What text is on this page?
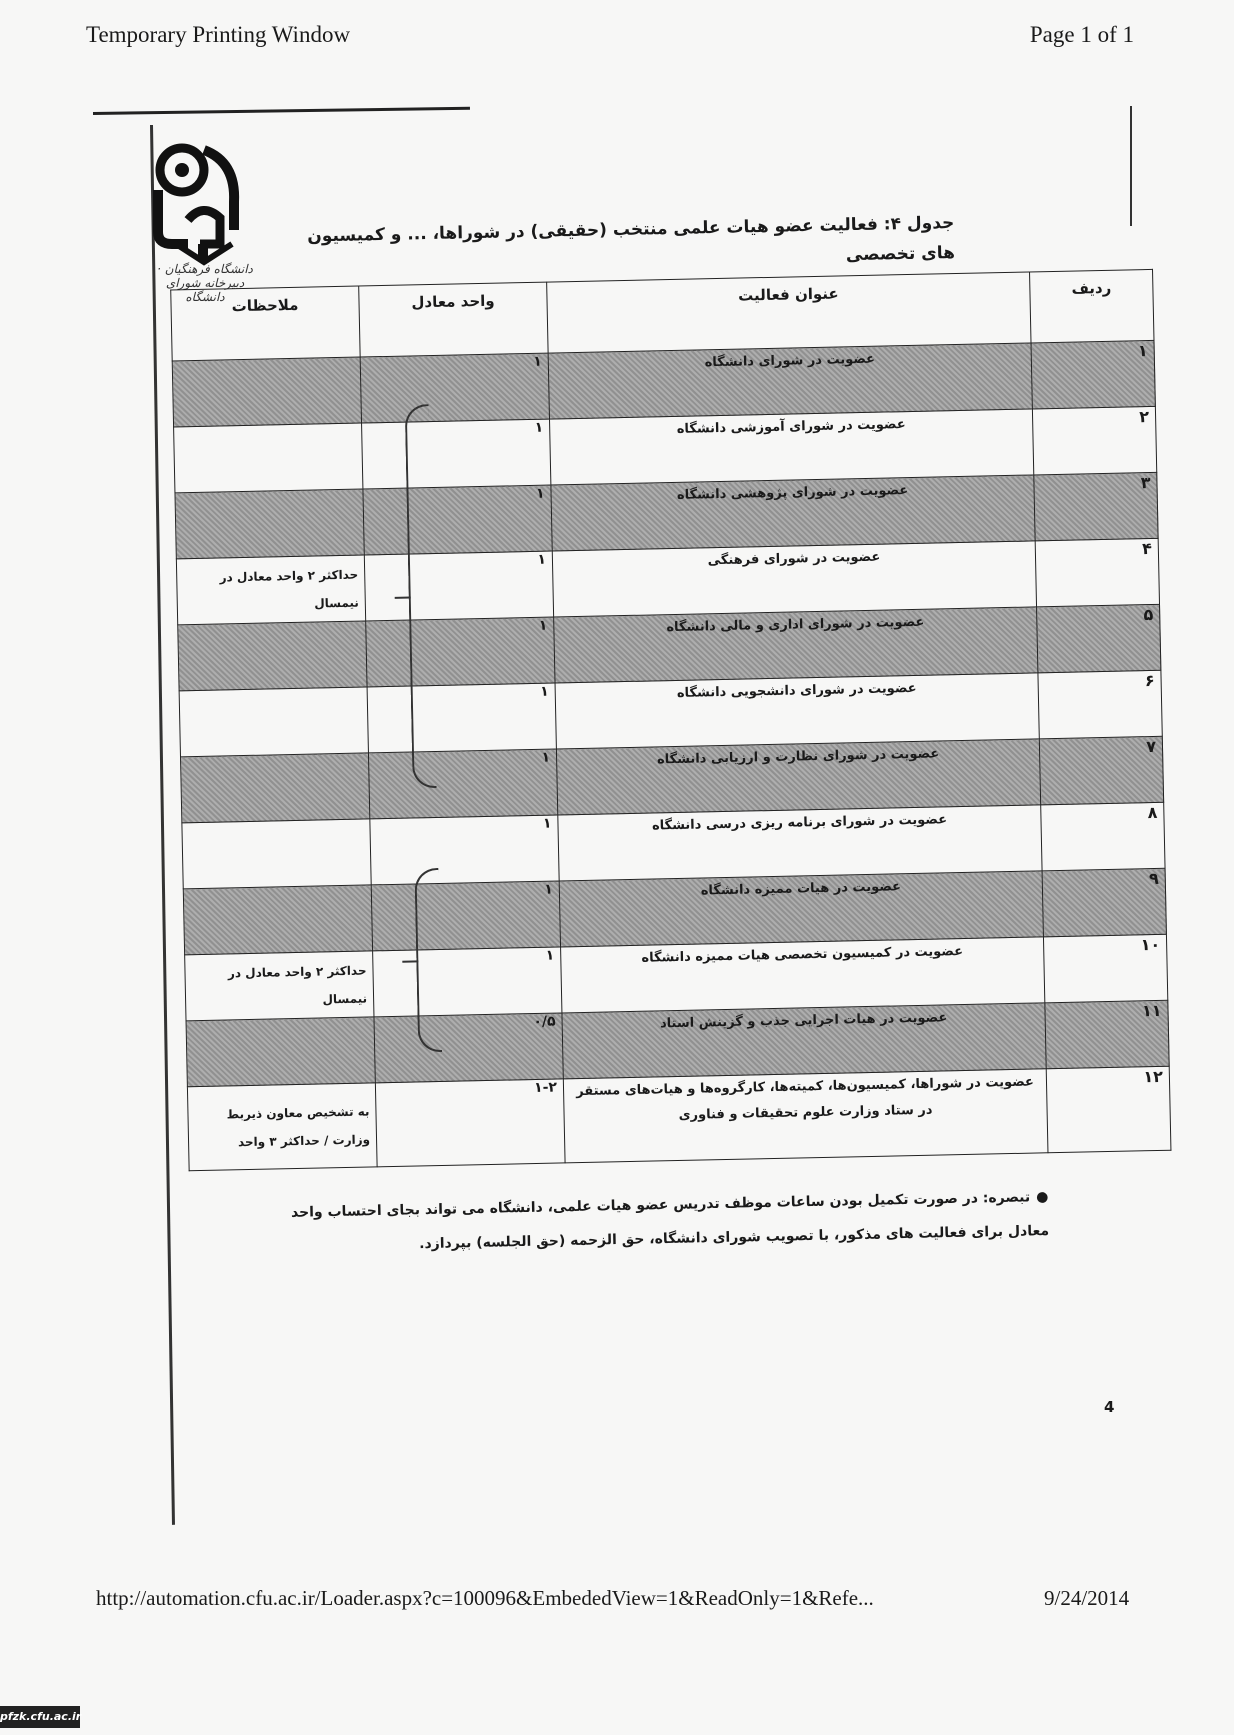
Temporary Printing Window	Page 1 of 1
دانشگاه فرهنگیان · دبیرخانه شورای دانشگاه
جدول ۴: فعالیت عضو هیات علمی منتخب (حقیقی) در شوراها، ... و کمیسیون های تخصصی
ردیف	عنوان فعالیت	واحد معادل	ملاحظات
۱	عضویت در شورای دانشگاه	۱	
۲	عضویت در شورای آموزشی دانشگاه	۱	
۳	عضویت در شورای پژوهشی دانشگاه	۱	
۴	عضویت در شورای فرهنگی	۱	حداکثر ۲ واحد معادل در نیمسال
۵	عضویت در شورای اداری و مالی دانشگاه	۱	
۶	عضویت در شورای دانشجویی دانشگاه	۱	
۷	عضویت در شورای نظارت و ارزیابی دانشگاه	۱	
۸	عضویت در شورای برنامه ریزی درسی دانشگاه	۱	
۹	عضویت در هیات ممیزه دانشگاه	۱	
۱۰	عضویت در کمیسیون تخصصی هیات ممیزه دانشگاه	۱	حداکثر ۲ واحد معادل در نیمسال
۱۱	عضویت در هیات اجرایی جذب و گزینش استاد	۰/۵	
۱۲	عضویت در شوراها، کمیسیون‌ها، کمیته‌ها، کارگروه‌ها و هیات‌های مستقر در ستاد وزارت علوم تحقیقات و فناوری	۱-۲	به تشخیص معاون ذیربط وزارت / حداکثر ۳ واحد
●تبصره: در صورت تکمیل بودن ساعات موظف تدریس عضو هیات علمی، دانشگاه می تواند بجای احتساب واحد معادل برای فعالیت های مذکور، با تصویب شورای دانشگاه، حق الزحمه (حق الجلسه) بپردازد.
4
http://automation.cfu.ac.ir/Loader.aspx?c=100096&EmbededView=1&ReadOnly=1&Refe...	9/24/2014
pfzk.cfu.ac.ir
